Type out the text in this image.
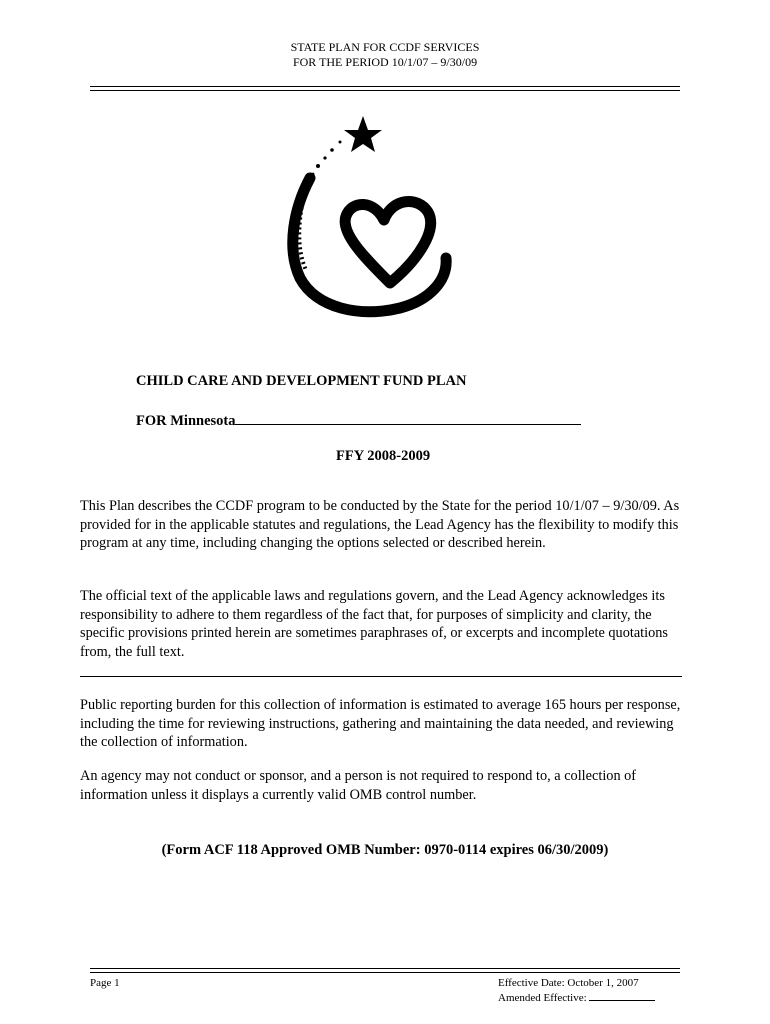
STATE PLAN FOR CCDF SERVICES
FOR THE PERIOD 10/1/07 – 9/30/09
CHILD CARE AND DEVELOPMENT FUND PLAN
FOR Minnesota
FFY 2008-2009
This Plan describes the CCDF program to be conducted by the State for the period 10/1/07 – 9/30/09. As provided for in the applicable statutes and regulations, the Lead Agency has the flexibility to modify this program at any time, including changing the options selected or described herein.
The official text of the applicable laws and regulations govern, and the Lead Agency acknowledges its responsibility to adhere to them regardless of the fact that, for purposes of simplicity and clarity, the specific provisions printed herein are sometimes paraphrases of, or excerpts and incomplete quotations from, the full text.
Public reporting burden for this collection of information is estimated to average 165 hours per response, including the time for reviewing instructions, gathering and maintaining the data needed, and reviewing the collection of information.
An agency may not conduct or sponsor, and a person is not required to respond to, a collection of information unless it displays a currently valid OMB control number.
(Form ACF 118 Approved OMB Number: 0970-0114 expires 06/30/2009)
Page 1	Effective Date: October 1, 2007
Amended Effective:
